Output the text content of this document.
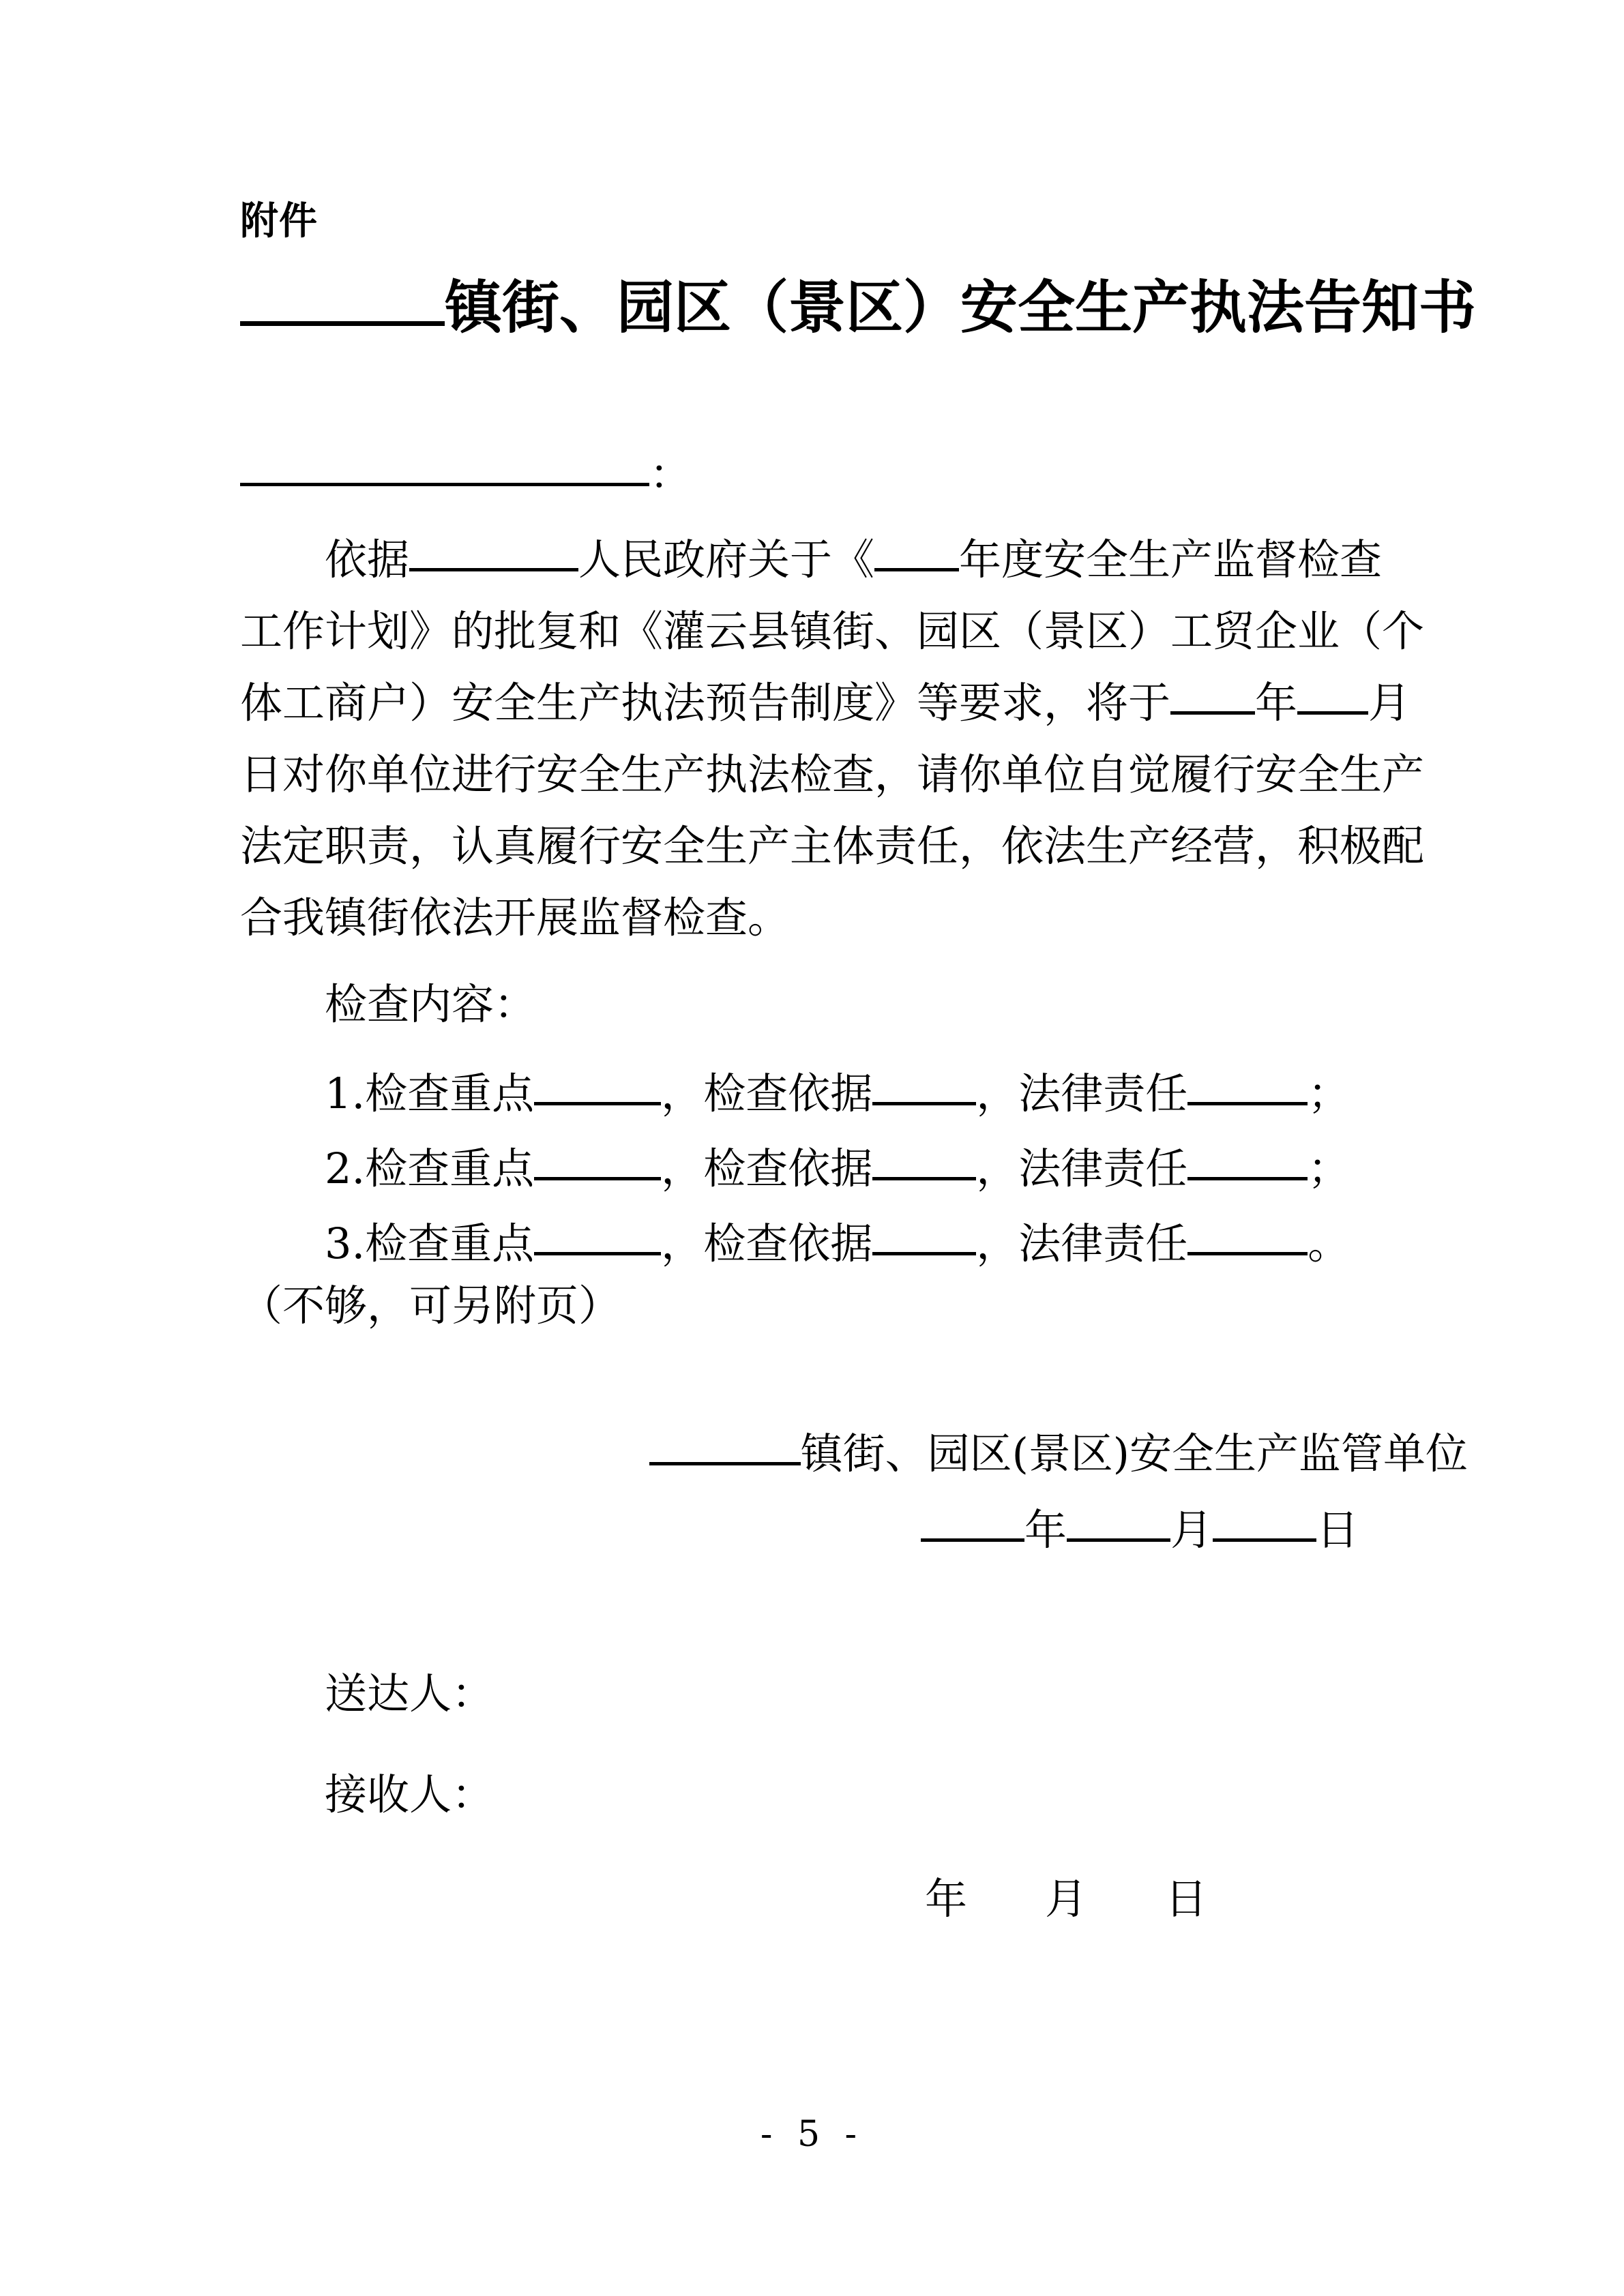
附件
镇街、园区（景区）安全生产执法告知书
：
依据	人民政府关于《 年度安全生产监督检查
工作计划》的批复和《灌云县镇街、园区（景区）工贸企业（个
体工商户）安全生产执法预告制度》等要求，将于 年 月
日对你单位进行安全生产执法检查，请你单位自觉履行安全生产
法定职责，认真履行安全生产主体责任，依法生产经营，积极配
合我镇街依法开展监督检查。
检查内容：
1.检查重点	，检查依据 ，法律责任	；
2.检查重点	，检查依据 ，法律责任	；
3.检查重点	，检查依据 ，法律责任	。
（不够，可另附页）
镇街、园区(景区)安全生产监管单位
年 月 日
送达人：
接收人：
年　月　日
- 5 -
